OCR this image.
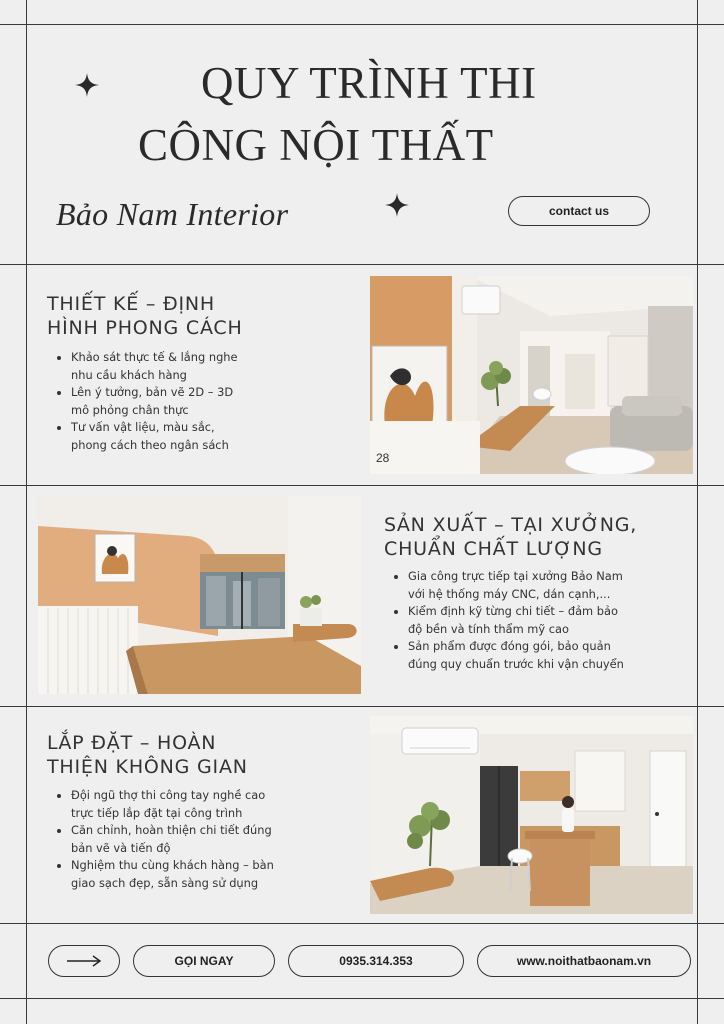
QUY TRÌNH THI
CÔNG NỘI THẤT
Bảo Nam Interior	contact us
THIẾT KẾ – ĐỊNH
HÌNH PHONG CÁCH
• Khảo sát thực tế & lắng nghe
nhu cầu khách hàng
• Lên ý tưởng, bản vẽ 2D – 3D
mô phỏng chân thực
• Tư vấn vật liệu, màu sắc,
phong cách theo ngân sách
28
SẢN XUẤT – TẠI XƯỞNG,
CHUẨN CHẤT LƯỢNG
• Gia công trực tiếp tại xưởng Bảo Nam
với hệ thống máy CNC, dán cạnh,...
• Kiểm định kỹ từng chi tiết – đảm bảo
độ bền và tính thẩm mỹ cao
• Sản phẩm được đóng gói, bảo quản
đúng quy chuẩn trước khi vận chuyển
LẮP ĐẶT – HOÀN
THIỆN KHÔNG GIAN
• Đội ngũ thợ thi công tay nghề cao
trực tiếp lắp đặt tại công trình
• Căn chỉnh, hoàn thiện chi tiết đúng
bản vẽ và tiến độ
• Nghiệm thu cùng khách hàng – bàn
giao sạch đẹp, sẵn sàng sử dụng
GỌI NGAY	0935.314.353	www.noithatbaonam.vn
